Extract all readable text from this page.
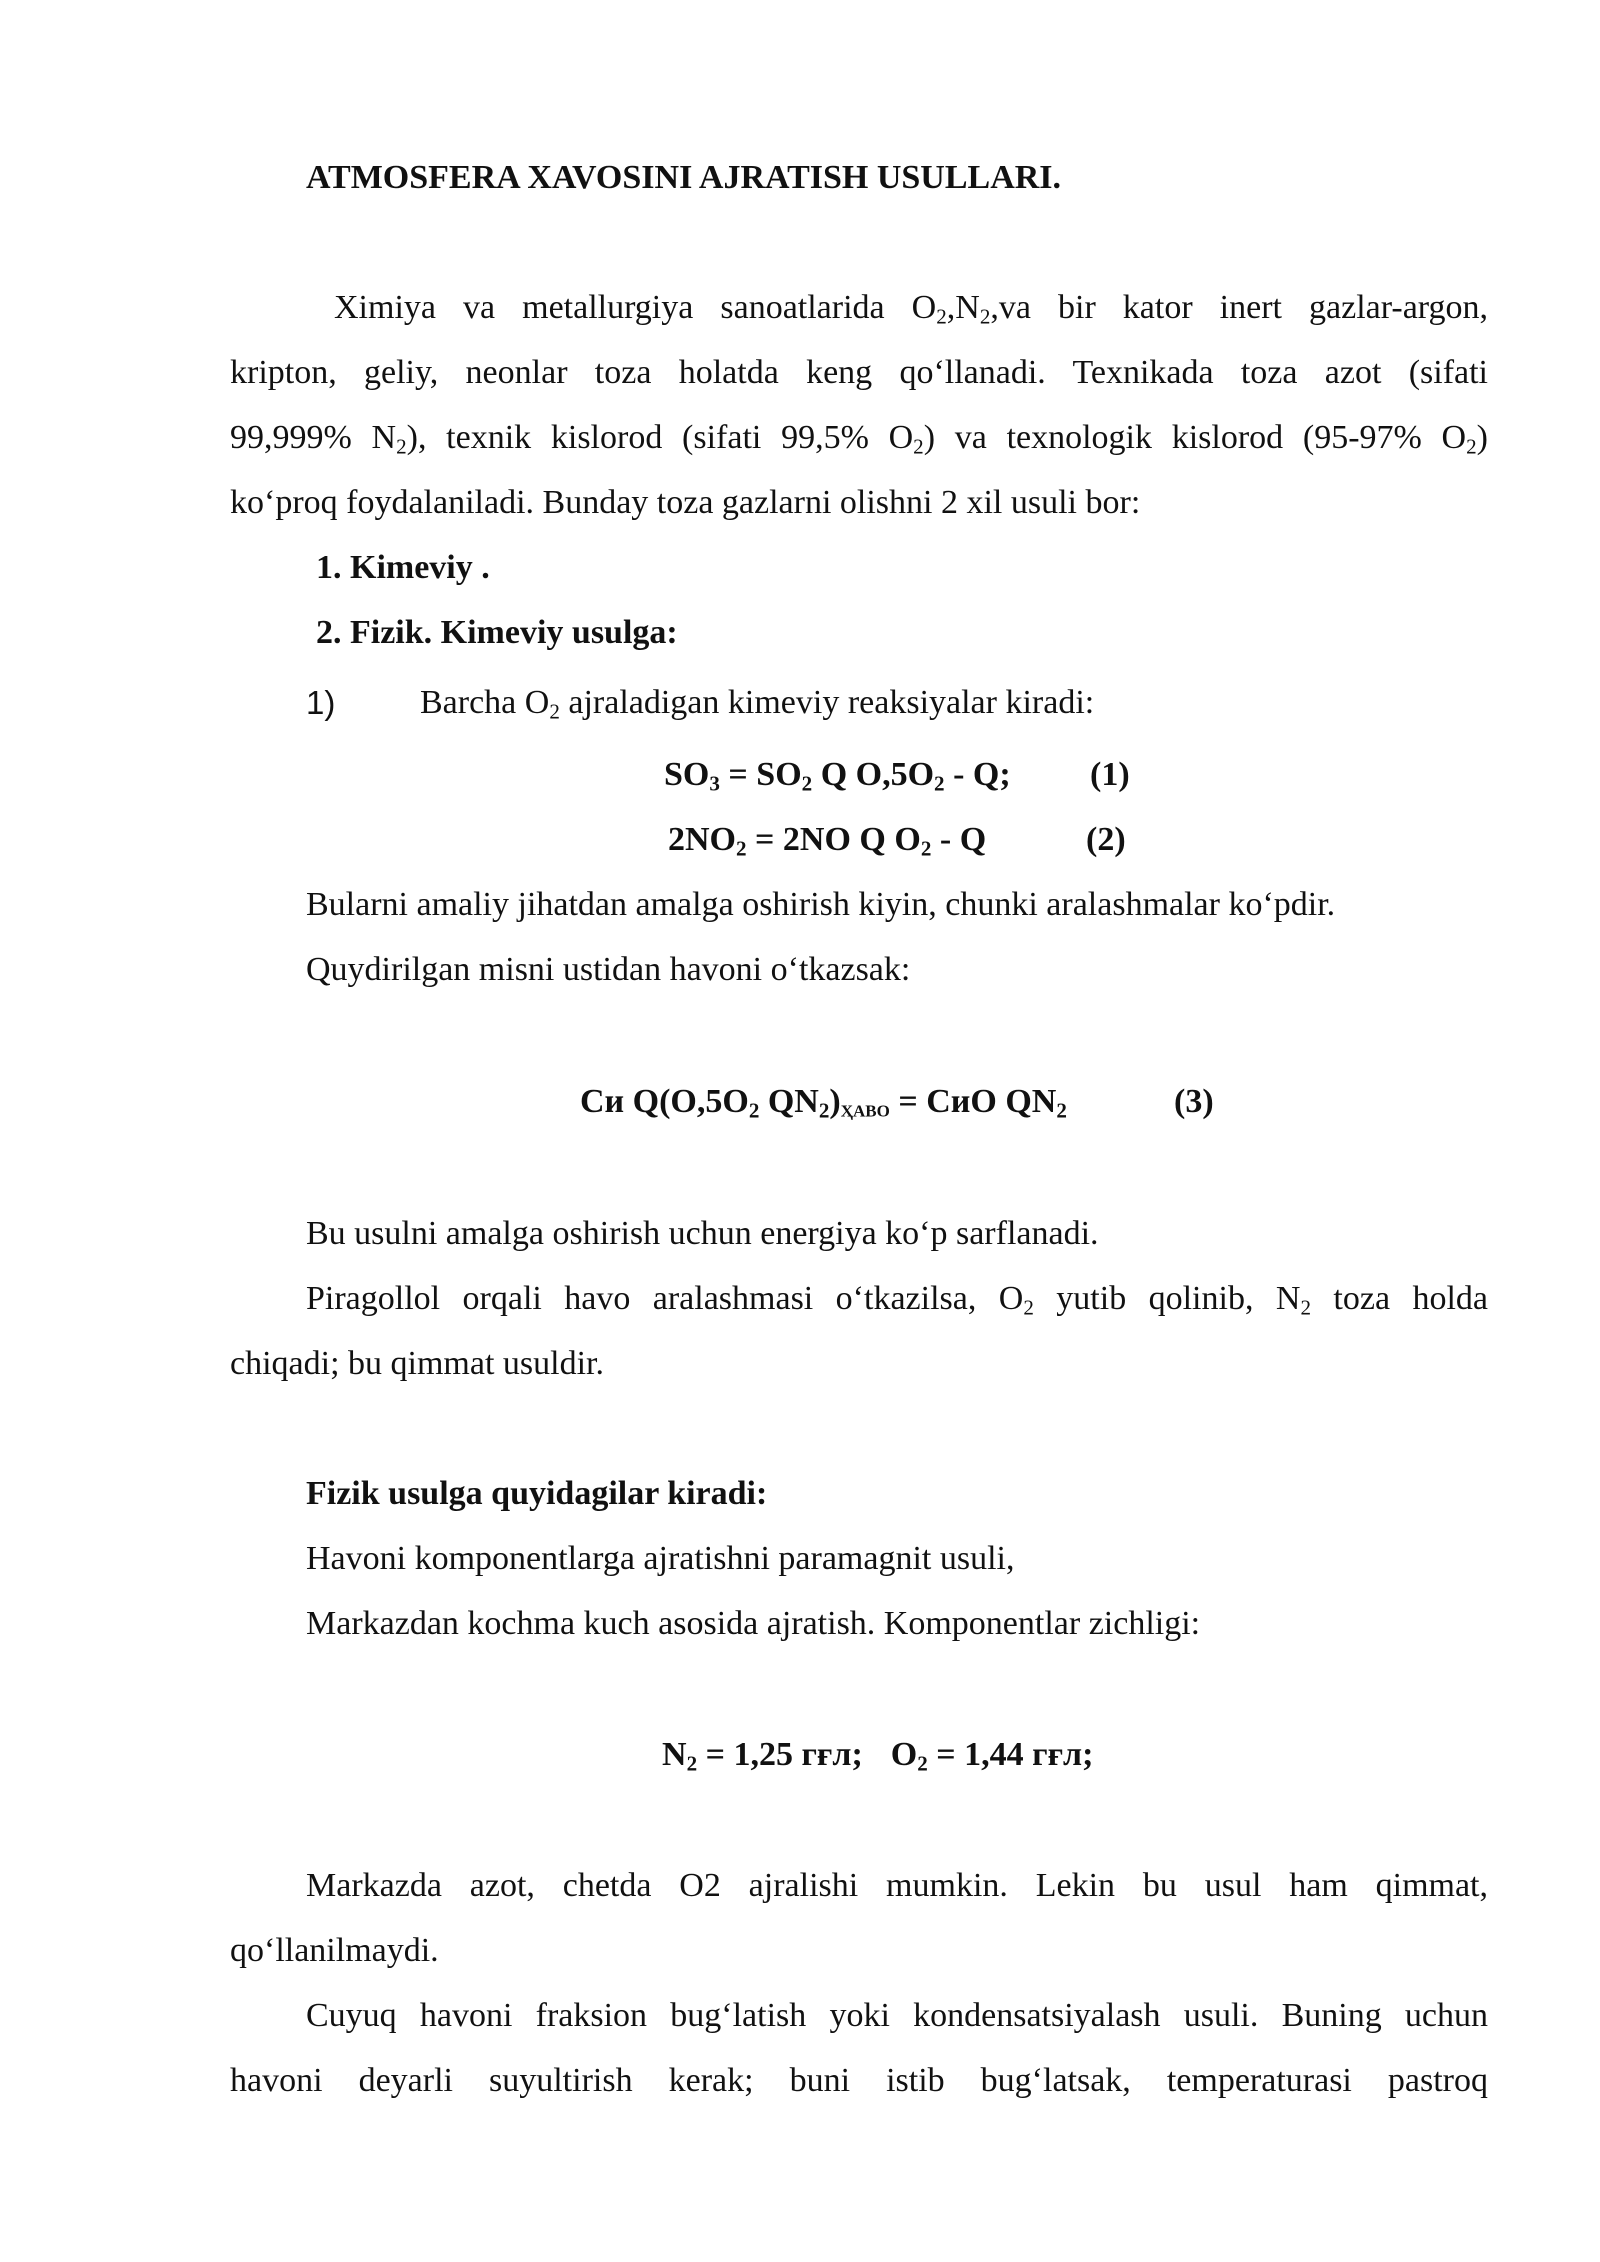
ATMOSFERA XAVOSINI AJRATISH USULLARI.
Ximiya va metallurgiya sanoatlarida $O_2,N_2,va$ bir kator inert gazlar-argon,
kripton, geliy, neonlar toza holatda keng qo‘llanadi. Texnikada toza azot (sifati
99,999% $N_2$), texnik kislorod (sifati 99,5% $O_2$) va texnologik kislorod (95-97% $O_2$)
ko‘proq foydalaniladi. Bunday toza gazlarni olishni 2 xil usuli bor:
1. Kimeviy .
2. Fizik. Kimeviy usulga:
1) Barcha $O_2$ ajraladigan kimeviy reaksiyalar kiradi:
$SO_3 = SO_2$ Q $O,5O_2$ - Q; (1)
$2NO_2 = 2NO$ Q $O_2$ - Q	(2)
Bularni amaliy jihatdan amalga oshirish kiyin, chunki aralashmalar ko‘pdir.
Quydirilgan misni ustidan havoni o‘tkazsak:
Си $Q(O,5O_2$ $QN_2)_{ҲАВО}$ = СиO $QN_2$	(3)
Bu usulni amalga oshirish uchun energiya ko‘p sarflanadi.
Piragollol orqali havo aralashmasi o‘tkazilsa, $O_2$ yutib qolinib, $N_2$ toza holda
chiqadi; bu qimmat usuldir.
Fizik usulga quyidagilar kiradi:
Havoni komponentlarga ajratishni paramagnit usuli,
Markazdan kochma kuch asosida ajratish. Komponentlar zichligi:
$N_2 = 1,25$ гғл; $O_2 = 1,44$ гғл;
Markazda azot, chetda O2 ajralishi mumkin. Lekin bu usul ham qimmat,
qo‘llanilmaydi.
Cuyuq havoni fraksion bug‘latish yoki kondensatsiyalash usuli. Buning uchun
havoni deyarli suyultirish kerak; buni istib bug‘latsak, temperaturasi pastroq
